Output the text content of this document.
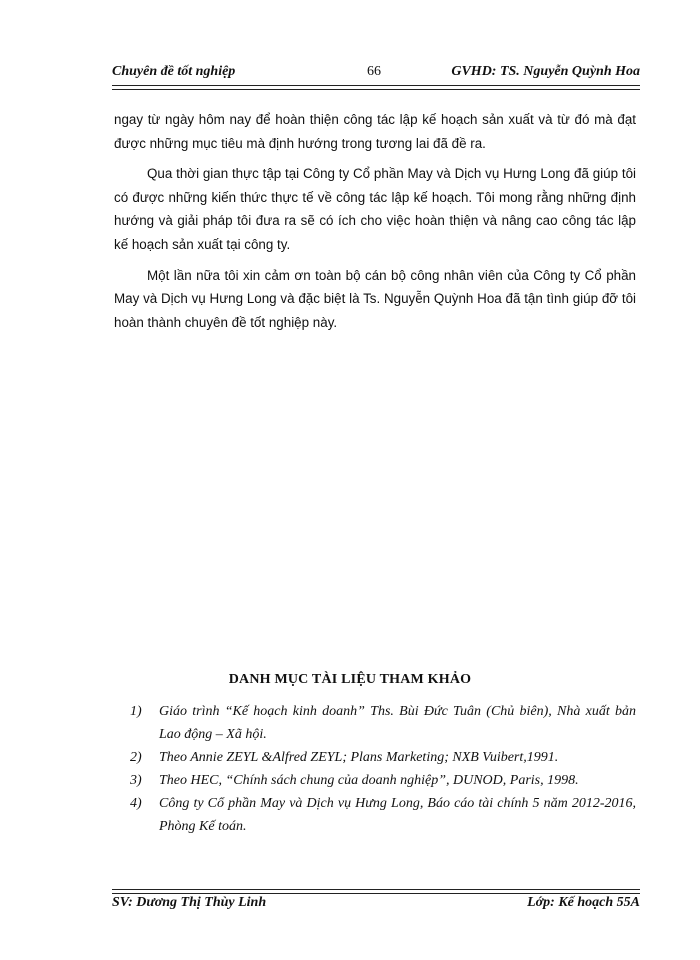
Chuyên đề tốt nghiệp	66	GVHD: TS. Nguyễn Quỳnh Hoa

ngay từ ngày hôm nay để hoàn thiện công tác lập kế hoạch sản xuất và từ đó mà đạt được những mục tiêu mà định hướng trong tương lai đã đề ra.

Qua thời gian thực tập tại Công ty Cổ phần May và Dịch vụ Hưng Long đã giúp tôi có được những kiến thức thực tế về công tác lập kế hoạch. Tôi mong rằng những định hướng và giải pháp tôi đưa ra sẽ có ích cho việc hoàn thiện và nâng cao công tác lập kế hoạch sản xuất tại công ty.

Một lần nữa tôi xin cảm ơn toàn bộ cán bộ công nhân viên của Công ty Cổ phần May và Dịch vụ Hưng Long và đặc biệt là Ts. Nguyễn Quỳnh Hoa đã tận tình giúp đỡ tôi hoàn thành chuyên đề tốt nghiệp này.

DANH MỤC TÀI LIỆU THAM KHẢO
1) Giáo trình “Kế hoạch kinh doanh” Ths. Bùi Đức Tuân (Chủ biên), Nhà xuất bản Lao động – Xã hội.
2) Theo Annie ZEYL &Alfred ZEYL; Plans Marketing; NXB Vuibert,1991.
3) Theo HEC, “Chính sách chung của doanh nghiệp”, DUNOD, Paris, 1998.
4) Công ty Cổ phần May và Dịch vụ Hưng Long, Báo cáo tài chính 5 năm 2012-2016, Phòng Kế toán.
SV: Dương Thị Thùy Linh	Lớp: Kế hoạch 55A
